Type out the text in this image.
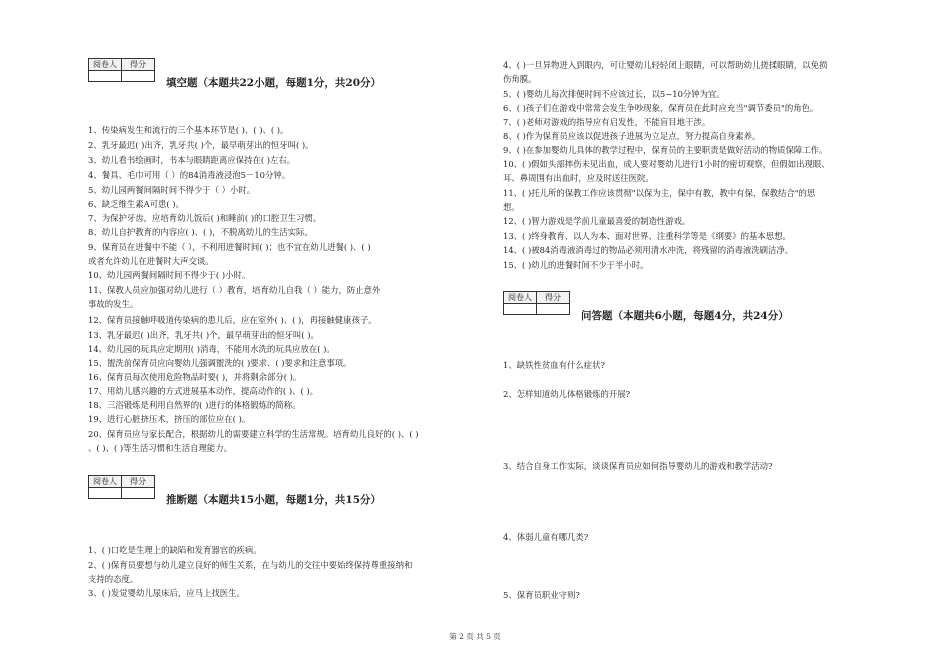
阅卷人	得分

填空题（本题共22小题，每题1分，共20分）
1、传染病发生和流行的三个基本环节是( )、( )、( )。
2、乳牙最迟( )出齐，乳牙共( )个，最早萌芽出的恒牙叫( )。
3、幼儿看书绘画时，书本与眼睛距离应保持在( )左右。
4、餐具、毛巾可用（ ）的84消毒液浸泡5－10分钟。
5、幼儿园两餐间隔时间不得少于（ ）小时。
6、缺乏维生素A可患( )。
7、为保护牙齿，应培育幼儿饭后( )和睡前( )的口腔卫生习惯。
8、幼儿自护教育的内容应( )、( )，不脱离幼儿的生活实际。
9、保育员在进餐中不能（ ），不利用进餐时间( )；也不宜在幼儿进餐( )、( )
或者允许幼儿在进餐时大声交谈。
10、幼儿园两餐间隔时间不得少于( )小时。
11、保教人员应加强对幼儿进行（ ）教育，培育幼儿自我（ ）能力，防止意外
事故的发生。
12、保育员接触呼吸道传染病的患儿后，应在室外( )、( )，再接触健康孩子。
13、乳牙最迟( )出齐，乳牙共( )个，最早萌芽出的恒牙叫( )。
14、幼儿园的玩具应定期用( )消毒，不能用水洗的玩具应放在( )。
15、盥洗前保育员应向婴幼儿强调盥洗的( )要求、( )要求和注意事项。
16、保育员每次使用危险物品时要( )，并将剩余部分( )。
17、用幼儿感兴趣的方式进展基本动作，提高动作的( )、( )。
18、三浴锻炼是利用自然界的( )进行的体格锻炼的简称。
19、进行心脏挤压术，挤压的部位应在( )。
20、保育员应与家长配合，根据幼儿的需要建立科学的生活常规。培育幼儿良好的( )、( )
、( )、( )等生活习惯和生活自理能力。
阅卷人	得分

推断题（本题共15小题，每题1分，共15分）
1、( )口吃是生理上的缺陷和发育器官的疾病。
2、( )保育员要想与幼儿建立良好的师生关系，在与幼儿的交往中要始终保持尊重接纳和
支持的态度。
3、( )发觉婴幼儿尿床后，应马上找医生。
4、( )一旦异物进入到眼内，可让婴幼儿轻轻闭上眼睛，可以帮助幼儿搓揉眼睛，以免损
伤角膜。
5、( )婴幼儿每次排便时间不应该过长，以5~10分钟为宜。
6、( )孩子们在游戏中常常会发生争吵现象，保育员在此时应充当"调节委员"的角色。
7、( )老师对游戏的指导应有启发性，不能盲目地干涉。
8、( )作为保育员应该以促进孩子进展为立足点，努力提高自身素养。
9、( )在参加婴幼儿具体的教学过程中，保育员的主要职责是做好活动的物质保障工作。
10、( )假如头部摔伤未见出血，成人要对婴幼儿进行1小时的密切观察，但假如出现眼、
耳、鼻周围有出血时，应及时送往医院。
11、( )托儿所的保教工作应该贯彻"以保为主，保中有教，教中有保，保教结合"的思
想。
12、( )智力游戏是学前儿童最喜爱的制造性游戏。
13、( )终身教育、以人为本、面对世界、注重科学等是《纲要》的基本思想。
14、( )被84消毒液消毒过的物品必须用清水冲洗，将残留的消毒液洗刷洁净。
15、( )幼儿的进餐时间不少于半小时。
阅卷人	得分

问答题（本题共6小题，每题4分，共24分）
1、缺铁性贫血有什么症状?
2、怎样知道幼儿体格锻炼的开展?
3、结合自身工作实际，谈谈保育员应如何指导婴幼儿的游戏和教学活动?
4、体弱儿童有哪几类?
5、保育员职业守则?
第 2 页 共 5 页
